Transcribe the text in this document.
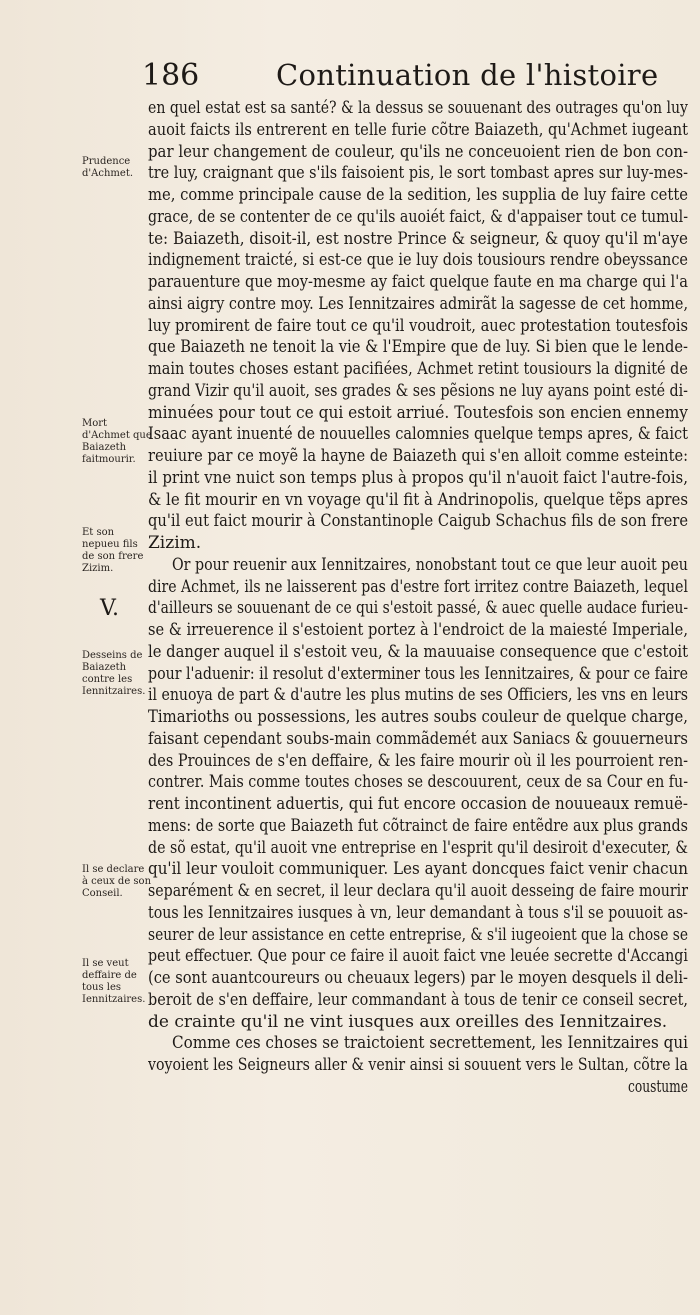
186	Continuation de l'histoire
V.
Prudence d'Achmet.
Mort d'Achmet que Baiazeth faitmourir.
Et son nepueu fils de son frere Zizim.
Desseins de Baiazeth contre les Iennitzaires.
Il se declare à ceux de son Conseil.
Il se veut deffaire de tous les Iennitzaires.
en quel estat est sa santé? & la dessus se souuenant des outrages qu'on luy
auoit faicts ils entrerent en telle furie cõtre Baiazeth, qu'Achmet iugeant
par leur changement de couleur, qu'ils ne conceuoient rien de bon con-
tre luy, craignant que s'ils faisoient pis, le sort tombast apres sur luy-mes-
me, comme principale cause de la sedition, les supplia de luy faire cette
grace, de se contenter de ce qu'ils auoiét faict, & d'appaiser tout ce tumul-
te: Baiazeth, disoit-il, est nostre Prince & seigneur, & quoy qu'il m'aye
indignement traicté, si est-ce que ie luy dois tousiours rendre obeyssance
parauenture que moy-mesme ay faict quelque faute en ma charge qui l'a
ainsi aigry contre moy. Les Iennitzaires admirãt la sagesse de cet homme,
luy promirent de faire tout ce qu'il voudroit, auec protestation toutesfois
que Baiazeth ne tenoit la vie & l'Empire que de luy. Si bien que le lende-
main toutes choses estant pacifiées, Achmet retint tousiours la dignité de
grand Vizir qu'il auoit, ses grades & ses pẽsions ne luy ayans point esté di-
minuées pour tout ce qui estoit arriué. Toutesfois son encien ennemy
Isaac ayant inuenté de nouuelles calomnies quelque temps apres, & faict
reuiure par ce moyẽ la hayne de Baiazeth qui s'en alloit comme esteinte:
il print vne nuict son temps plus à propos qu'il n'auoit faict l'autre-fois,
& le fit mourir en vn voyage qu'il fit à Andrinopolis, quelque tẽps apres
qu'il eut faict mourir à Constantinople Caigub Schachus fils de son frere
Zizim.
Or pour reuenir aux Iennitzaires, nonobstant tout ce que leur auoit peu
dire Achmet, ils ne laisserent pas d'estre fort irritez contre Baiazeth, lequel
d'ailleurs se souuenant de ce qui s'estoit passé, & auec quelle audace furieu-
se & irreuerence il s'estoient portez à l'endroict de la maiesté Imperiale,
le danger auquel il s'estoit veu, & la mauuaise consequence que c'estoit
pour l'aduenir: il resolut d'exterminer tous les Iennitzaires, & pour ce faire
il enuoya de part & d'autre les plus mutins de ses Officiers, les vns en leurs
Timarioths ou possessions, les autres soubs couleur de quelque charge,
faisant cependant soubs-main commãdemét aux Saniacs & gouuerneurs
des Prouinces de s'en deffaire, & les faire mourir où il les pourroient ren-
contrer. Mais comme toutes choses se descouurent, ceux de sa Cour en fu-
rent incontinent aduertis, qui fut encore occasion de nouueaux remuë-
mens: de sorte que Baiazeth fut cõtrainct de faire entẽdre aux plus grands
de sõ estat, qu'il auoit vne entreprise en l'esprit qu'il desiroit d'executer, &
qu'il leur vouloit communiquer. Les ayant doncques faict venir chacun
separément & en secret, il leur declara qu'il auoit desseing de faire mourir
tous les Iennitzaires iusques à vn, leur demandant à tous s'il se pouuoit as-
seurer de leur assistance en cette entreprise, & s'il iugeoient que la chose se
peut effectuer. Que pour ce faire il auoit faict vne leuée secrette d'Accangi
(ce sont auantcoureurs ou cheuaux legers) par le moyen desquels il deli-
beroit de s'en deffaire, leur commandant à tous de tenir ce conseil secret,
de crainte qu'il ne vint iusques aux oreilles des Iennitzaires.
Comme ces choses se traictoient secrettement, les Iennitzaires qui
voyoient les Seigneurs aller & venir ainsi si souuent vers le Sultan, cõtre la
coustume
